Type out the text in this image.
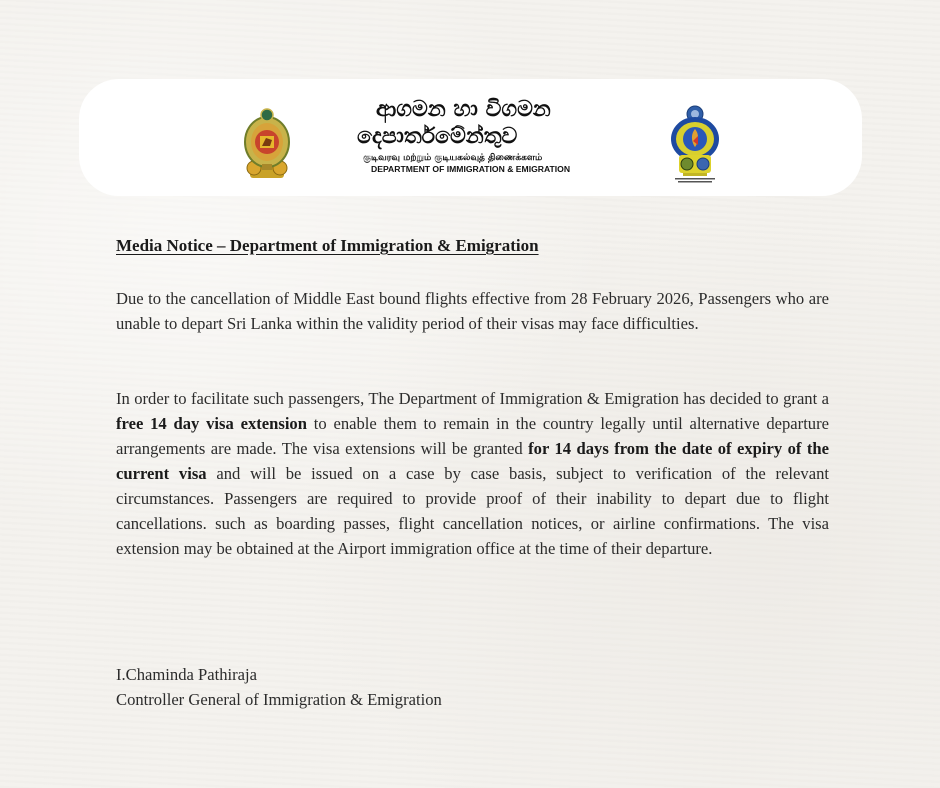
ආගමන හා විගමන
දෙපාර්තමේන්තුව
குடிவரவு மற்றும் குடியகல்வுத் திணைக்களம்
DEPARTMENT OF IMMIGRATION & EMIGRATION
Media Notice – Department of Immigration & Emigration

Due to the cancellation of Middle East bound flights effective from 28 February 2026, Passengers who are unable to depart Sri Lanka within the validity period of their visas may face difficulties.

In order to facilitate such passengers, The Department of Immigration & Emigration has decided to grant a free 14 day visa extension to enable them to remain in the country legally until alternative departure arrangements are made. The visa extensions will be granted for 14 days from the date of expiry of the current visa and will be issued on a case by case basis, subject to verification of the relevant circumstances. Passengers are required to provide proof of their inability to depart due to flight cancellations. such as boarding passes, flight cancellation notices, or airline confirmations. The visa extension may be obtained at the Airport immigration office at the time of their departure.

I.Chaminda Pathiraja
Controller General of Immigration & Emigration
